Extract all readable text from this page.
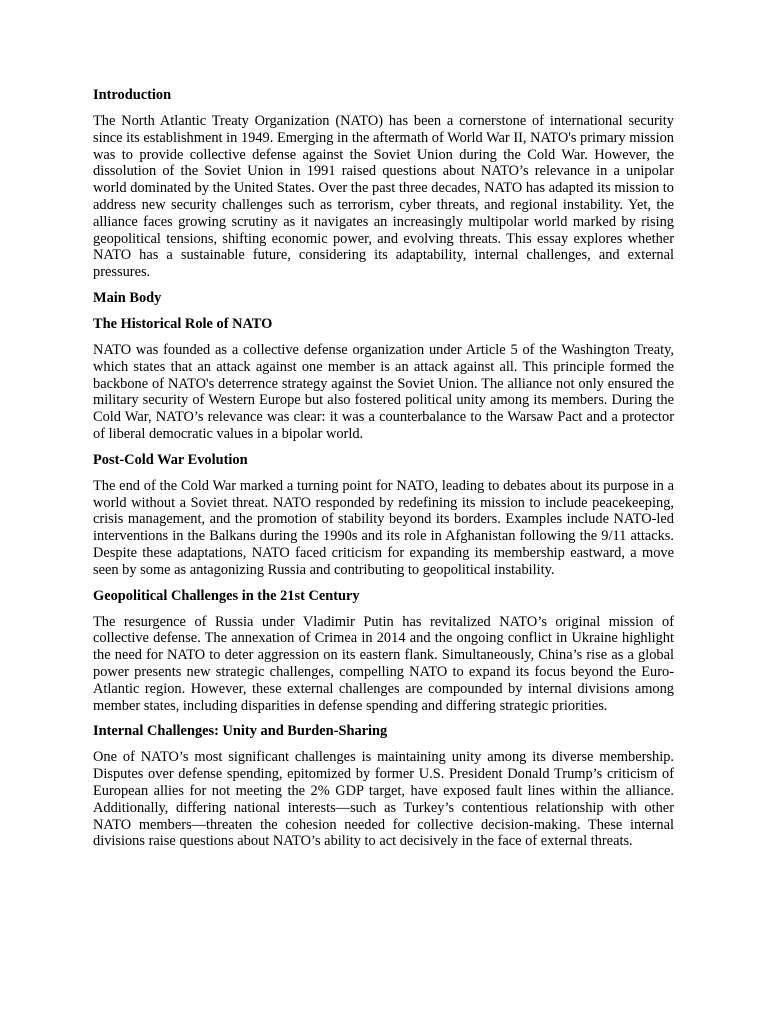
Introduction
The North Atlantic Treaty Organization (NATO) has been a cornerstone of international security since its establishment in 1949. Emerging in the aftermath of World War II, NATO's primary mission was to provide collective defense against the Soviet Union during the Cold War. However, the dissolution of the Soviet Union in 1991 raised questions about NATO’s relevance in a unipolar world dominated by the United States. Over the past three decades, NATO has adapted its mission to address new security challenges such as terrorism, cyber threats, and regional instability. Yet, the alliance faces growing scrutiny as it navigates an increasingly multipolar world marked by rising geopolitical tensions, shifting economic power, and evolving threats. This essay explores whether NATO has a sustainable future, considering its adaptability, internal challenges, and external pressures.
Main Body
The Historical Role of NATO
NATO was founded as a collective defense organization under Article 5 of the Washington Treaty, which states that an attack against one member is an attack against all. This principle formed the backbone of NATO's deterrence strategy against the Soviet Union. The alliance not only ensured the military security of Western Europe but also fostered political unity among its members. During the Cold War, NATO’s relevance was clear: it was a counterbalance to the Warsaw Pact and a protector of liberal democratic values in a bipolar world.
Post-Cold War Evolution
The end of the Cold War marked a turning point for NATO, leading to debates about its purpose in a world without a Soviet threat. NATO responded by redefining its mission to include peacekeeping, crisis management, and the promotion of stability beyond its borders. Examples include NATO-led interventions in the Balkans during the 1990s and its role in Afghanistan following the 9/11 attacks. Despite these adaptations, NATO faced criticism for expanding its membership eastward, a move seen by some as antagonizing Russia and contributing to geopolitical instability.
Geopolitical Challenges in the 21st Century
The resurgence of Russia under Vladimir Putin has revitalized NATO’s original mission of collective defense. The annexation of Crimea in 2014 and the ongoing conflict in Ukraine highlight the need for NATO to deter aggression on its eastern flank. Simultaneously, China’s rise as a global power presents new strategic challenges, compelling NATO to expand its focus beyond the Euro-Atlantic region. However, these external challenges are compounded by internal divisions among member states, including disparities in defense spending and differing strategic priorities.
Internal Challenges: Unity and Burden-Sharing
One of NATO’s most significant challenges is maintaining unity among its diverse membership. Disputes over defense spending, epitomized by former U.S. President Donald Trump’s criticism of European allies for not meeting the 2% GDP target, have exposed fault lines within the alliance. Additionally, differing national interests—such as Turkey’s contentious relationship with other NATO members—threaten the cohesion needed for collective decision-making. These internal divisions raise questions about NATO’s ability to act decisively in the face of external threats.
